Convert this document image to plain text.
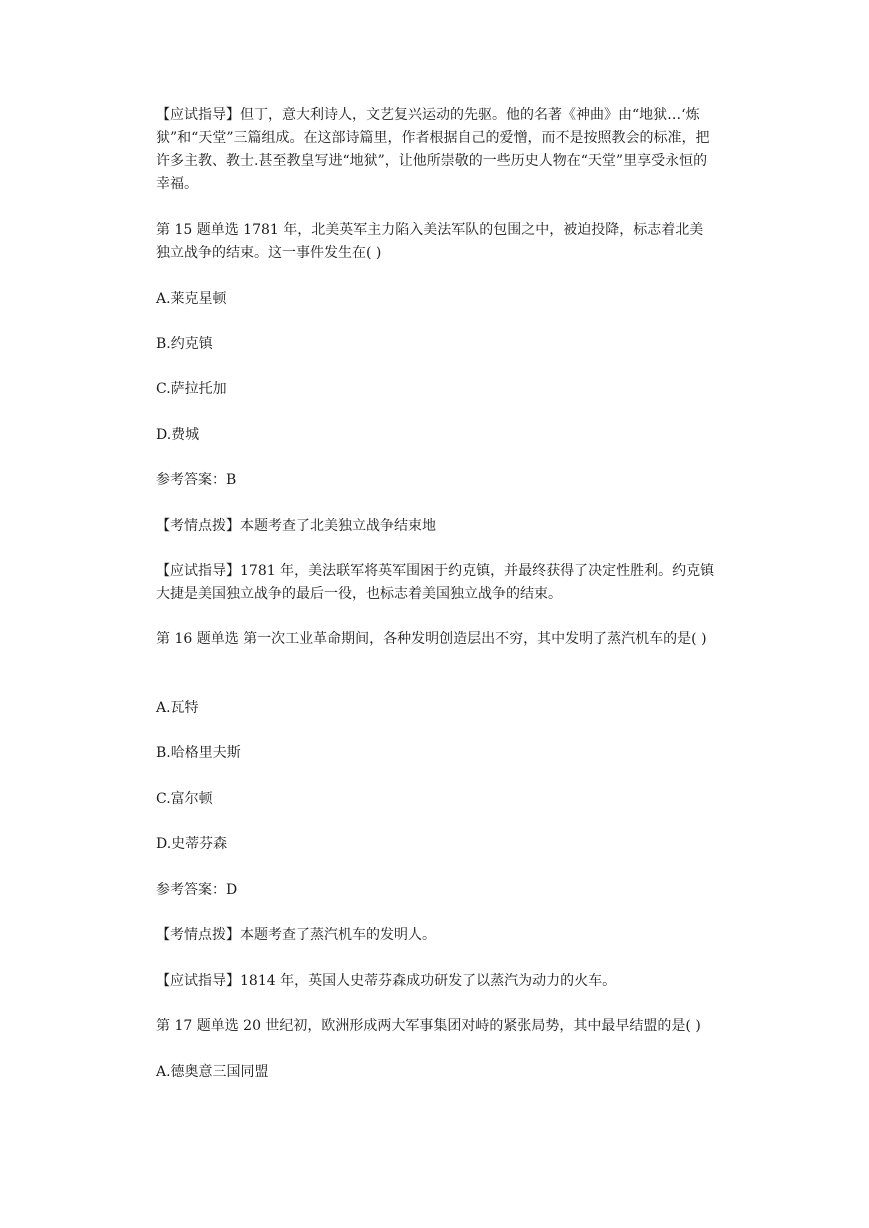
【应试指导】但丁，意大利诗人，文艺复兴运动的先驱。他的名著《神曲》由“地狱…‘炼狱”和“天堂”三篇组成。在这部诗篇里，作者根据自己的爱憎，而不是按照教会的标准，把许多主教、教士.甚至教皇写进“地狱”，让他所崇敬的一些历史人物在“天堂”里享受永恒的幸福。

第 15 题单选 1781 年，北美英军主力陷入美法军队的包围之中，被迫投降，标志着北美独立战争的结束。这一事件发生在( )

A.莱克星顿

B.约克镇

C.萨拉托加

D.费城

参考答案：B

【考情点拨】本题考查了北美独立战争结束地

【应试指导】1781 年，美法联军将英军围困于约克镇，并最终获得了决定性胜利。约克镇大捷是美国独立战争的最后一役，也标志着美国独立战争的结束。

第 16 题单选 第一次工业革命期间，各种发明创造层出不穷，其中发明了蒸汽机车的是( )

A.瓦特

B.哈格里夫斯

C.富尔顿

D.史蒂芬森

参考答案：D

【考情点拨】本题考查了蒸汽机车的发明人。

【应试指导】1814 年，英国人史蒂芬森成功研发了以蒸汽为动力的火车。

第 17 题单选 20 世纪初，欧洲形成两大军事集团对峙的紧张局势，其中最早结盟的是( )

A.德奥意三国同盟
